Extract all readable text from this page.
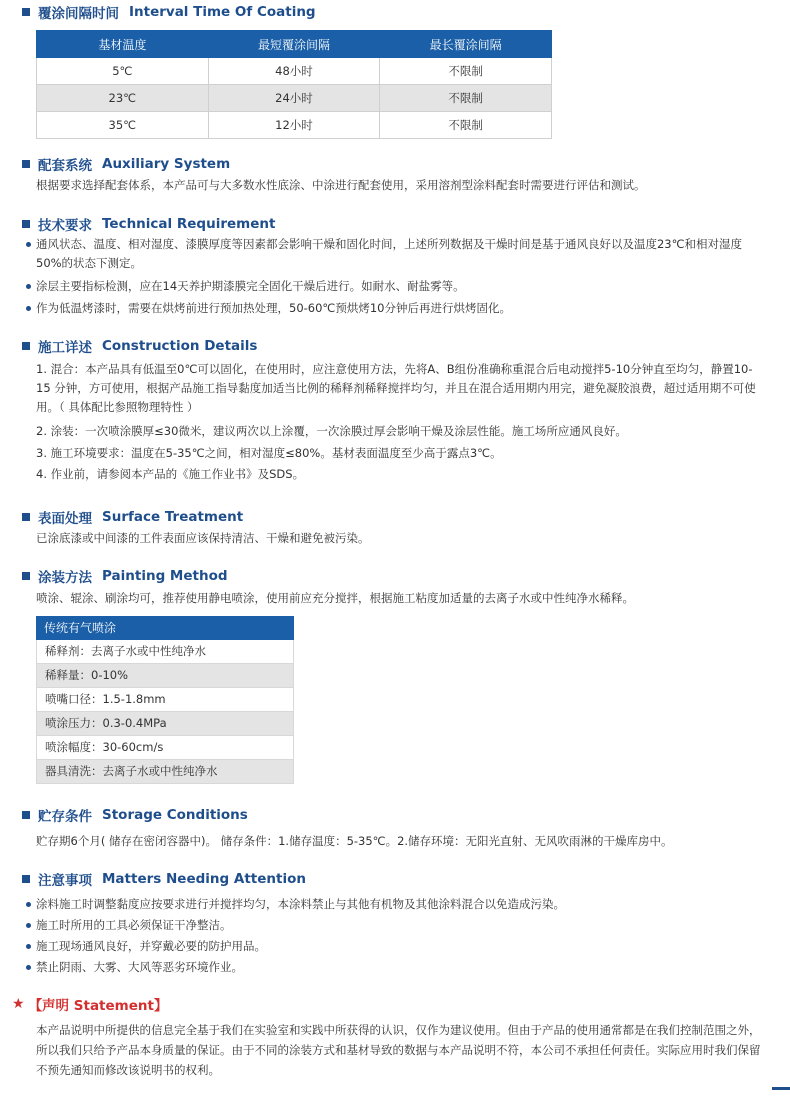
覆涂间隔时间 Interval Time Of Coating
基材温度	最短覆涂间隔	最长覆涂间隔
5℃	48小时	不限制
23℃	24小时	不限制
35℃	12小时	不限制
配套系统 Auxiliary System
根据要求选择配套体系，本产品可与大多数水性底涂、中涂进行配套使用，采用溶剂型涂料配套时需要进行评估和测试。
技术要求 Technical Requirement
通风状态、温度、相对湿度、漆膜厚度等因素都会影响干燥和固化时间，上述所列数据及干燥时间是基于通风良好以及温度23℃和相对湿度50%的状态下测定。
涂层主要指标检测，应在14天养护期漆膜完全固化干燥后进行。如耐水、耐盐雾等。
作为低温烤漆时，需要在烘烤前进行预加热处理，50-60℃预烘烤10分钟后再进行烘烤固化。
施工详述 Construction Details
1. 混合：本产品具有低温至0℃可以固化，在使用时，应注意使用方法，先将A、B组份准确称重混合后电动搅拌5-10分钟直至均匀，静置10-15 分钟，方可使用，根据产品施工指导黏度加适当比例的稀释剂稀释搅拌均匀，并且在混合适用期内用完，避免凝胶浪费，超过适用期不可使用。（ 具体配比参照物理特性 ）
2. 涂装：一次喷涂膜厚≤30微米，建议两次以上涂覆，一次涂膜过厚会影响干燥及涂层性能。施工场所应通风良好。
3. 施工环境要求：温度在5-35℃之间，相对湿度≤80%。基材表面温度至少高于露点3℃。
4. 作业前，请参阅本产品的《施工作业书》及SDS。
表面处理 Surface Treatment
已涂底漆或中间漆的工件表面应该保持清洁、干燥和避免被污染。
涂装方法 Painting Method
喷涂、辊涂、刷涂均可，推荐使用静电喷涂，使用前应充分搅拌，根据施工粘度加适量的去离子水或中性纯净水稀释。
传统有气喷涂
稀释剂：去离子水或中性纯净水
稀释量：0-10%
喷嘴口径：1.5-1.8mm
喷涂压力：0.3-0.4MPa
喷涂幅度：30-60cm/s
器具清洗：去离子水或中性纯净水
贮存条件 Storage Conditions
贮存期6个月( 储存在密闭容器中)。 储存条件：1.储存温度：5-35℃。2.储存环境：无阳光直射、无风吹雨淋的干燥库房中。
注意事项 Matters Needing Attention
涂料施工时调整黏度应按要求进行并搅拌均匀，本涂料禁止与其他有机物及其他涂料混合以免造成污染。
施工时所用的工具必须保证干净整洁。
施工现场通风良好，并穿戴必要的防护用品。
禁止阴雨、大雾、大风等恶劣环境作业。
★ 【声明 Statement】
本产品说明中所提供的信息完全基于我们在实验室和实践中所获得的认识，仅作为建议使用。但由于产品的使用通常都是在我们控制范围之外，所以我们只给予产品本身质量的保证。由于不同的涂装方式和基材导致的数据与本产品说明不符，本公司不承担任何责任。实际应用时我们保留不预先通知而修改该说明书的权利。
